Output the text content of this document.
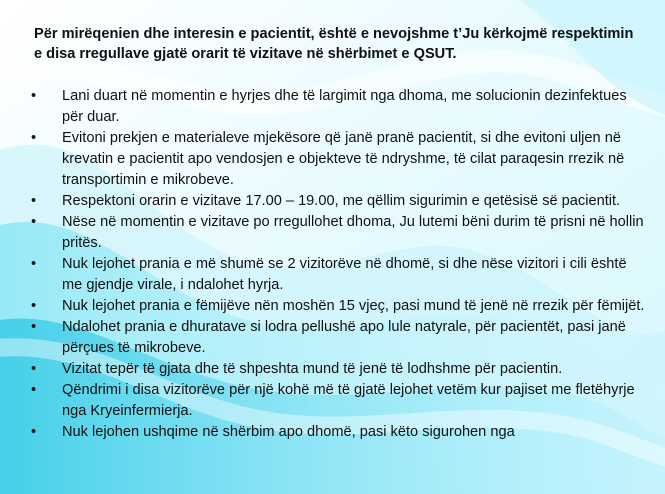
Për mirëqenien dhe interesin e pacientit, është e nevojshme t’Ju kërkojmë respektimin e disa rregullave gjatë orarit të vizitave në shërbimet e QSUT.

•	Lani duart në momentin e hyrjes dhe të largimit nga dhoma, me solucionin dezinfektues për duar.
•	Evitoni prekjen e materialeve mjekësore që janë pranë pacientit, si dhe evitoni uljen në krevatin e pacientit apo vendosjen e objekteve të ndryshme, të cilat paraqesin rrezik në transportimin e mikrobeve.
•	Respektoni orarin e vizitave 17.00 – 19.00, me qëllim sigurimin e qetësisë së pacientit.
•	Nëse në momentin e vizitave po rregullohet dhoma, Ju lutemi bëni durim të prisni në hollin pritës.
•	Nuk lejohet prania e më shumë se 2 vizitorëve në dhomë, si dhe nëse vizitori i cili është me gjendje virale, i ndalohet hyrja.
•	Nuk lejohet prania e fëmijëve nën moshën 15 vjeç, pasi mund të jenë në rrezik për fëmijët.
•	Ndalohet prania e dhuratave si lodra pellushë apo lule natyrale, për pacientët, pasi janë përçues të mikrobeve.
•	Vizitat tepër të gjata dhe të shpeshta mund të jenë të lodhshme për pacientin.
•	Qëndrimi i disa vizitorëve për një kohë më të gjatë lejohet vetëm kur pajiset me fletëhyrje nga Kryeinfermierja.
•	Nuk lejohen ushqime në shërbim apo dhomë, pasi këto sigurohen nga
